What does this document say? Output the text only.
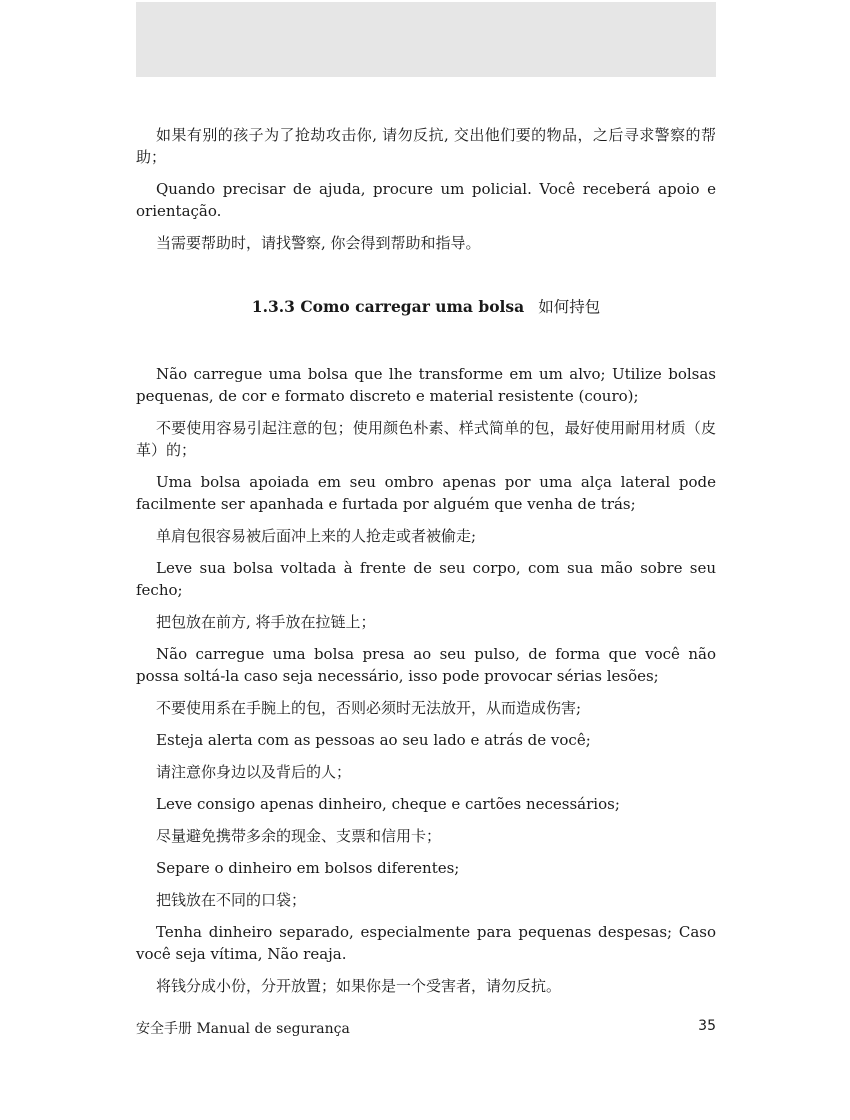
如果有别的孩子为了抢劫攻击你, 请勿反抗, 交出他们要的物品，之后寻求警察的帮助；

Quando precisar de ajuda, procure um policial. Você receberá apoio e orientação.

当需要帮助时，请找警察, 你会得到帮助和指导。

1.3.3 Como carregar uma bolsa 如何持包

Não carregue uma bolsa que lhe transforme em um alvo; Utilize bolsas pequenas, de cor e formato discreto e material resistente (couro);

不要使用容易引起注意的包；使用颜色朴素、样式简单的包，最好使用耐用材质（皮革）的；

Uma bolsa apoiada em seu ombro apenas por uma alça lateral pode facilmente ser apanhada e furtada por alguém que venha de trás;

单肩包很容易被后面冲上来的人抢走或者被偷走;

Leve sua bolsa voltada à frente de seu corpo, com sua mão sobre seu fecho;

把包放在前方, 将手放在拉链上；

Não carregue uma bolsa presa ao seu pulso, de forma que você não possa soltá-la caso seja necessário, isso pode provocar sérias lesões;

不要使用系在手腕上的包，否则必须时无法放开，从而造成伤害;

Esteja alerta com as pessoas ao seu lado e atrás de você;

请注意你身边以及背后的人；

Leve consigo apenas dinheiro, cheque e cartões necessários;

尽量避免携带多余的现金、支票和信用卡；

Separe o dinheiro em bolsos diferentes;

把钱放在不同的口袋；

Tenha dinheiro separado, especialmente para pequenas despesas; Caso você seja vítima, Não reaja.

将钱分成小份，分开放置；如果你是一个受害者，请勿反抗。

安全手册 Manual de segurança	35
